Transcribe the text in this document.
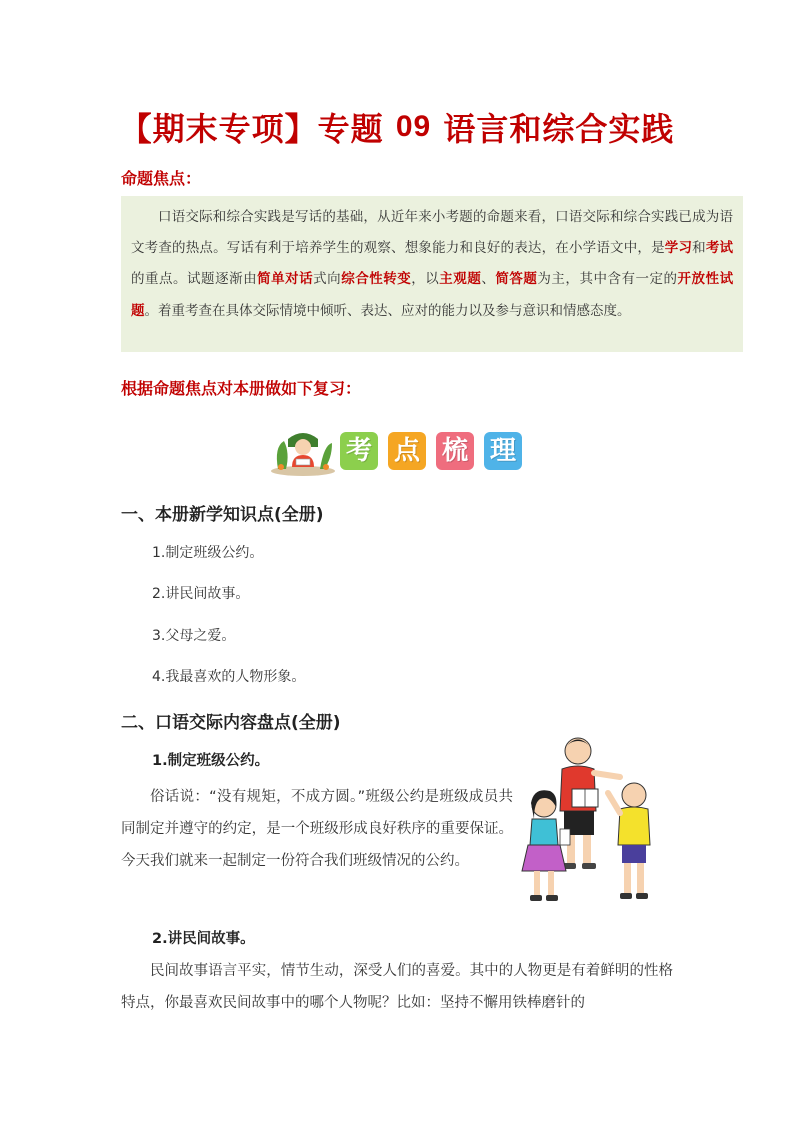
【期末专项】专题 09 语言和综合实践
命题焦点：
口语交际和综合实践是写话的基础，从近年来小考题的命题来看，口语交际和综合实践已成为语文考查的热点。写话有利于培养学生的观察、想象能力和良好的表达，在小学语文中，是学习和考试的重点。试题逐渐由简单对话式向综合性转变，以主观题、简答题为主，其中含有一定的开放性试题。着重考查在具体交际情境中倾听、表达、应对的能力以及参与意识和情感态度。
根据命题焦点对本册做如下复习：
考 点 梳 理
一、本册新学知识点(全册)
1.制定班级公约。
2.讲民间故事。
3.父母之爱。
4.我最喜欢的人物形象。
二、口语交际内容盘点(全册)
1.制定班级公约。
俗话说：“没有规矩，不成方圆。”班级公约是班级成员共同制定并遵守的约定，是一个班级形成良好秩序的重要保证。今天我们就来一起制定一份符合我们班级情况的公约。
2.讲民间故事。
民间故事语言平实，情节生动，深受人们的喜爱。其中的人物更是有着鲜明的性格特点，你最喜欢民间故事中的哪个人物呢？比如：坚持不懈用铁棒磨针的
